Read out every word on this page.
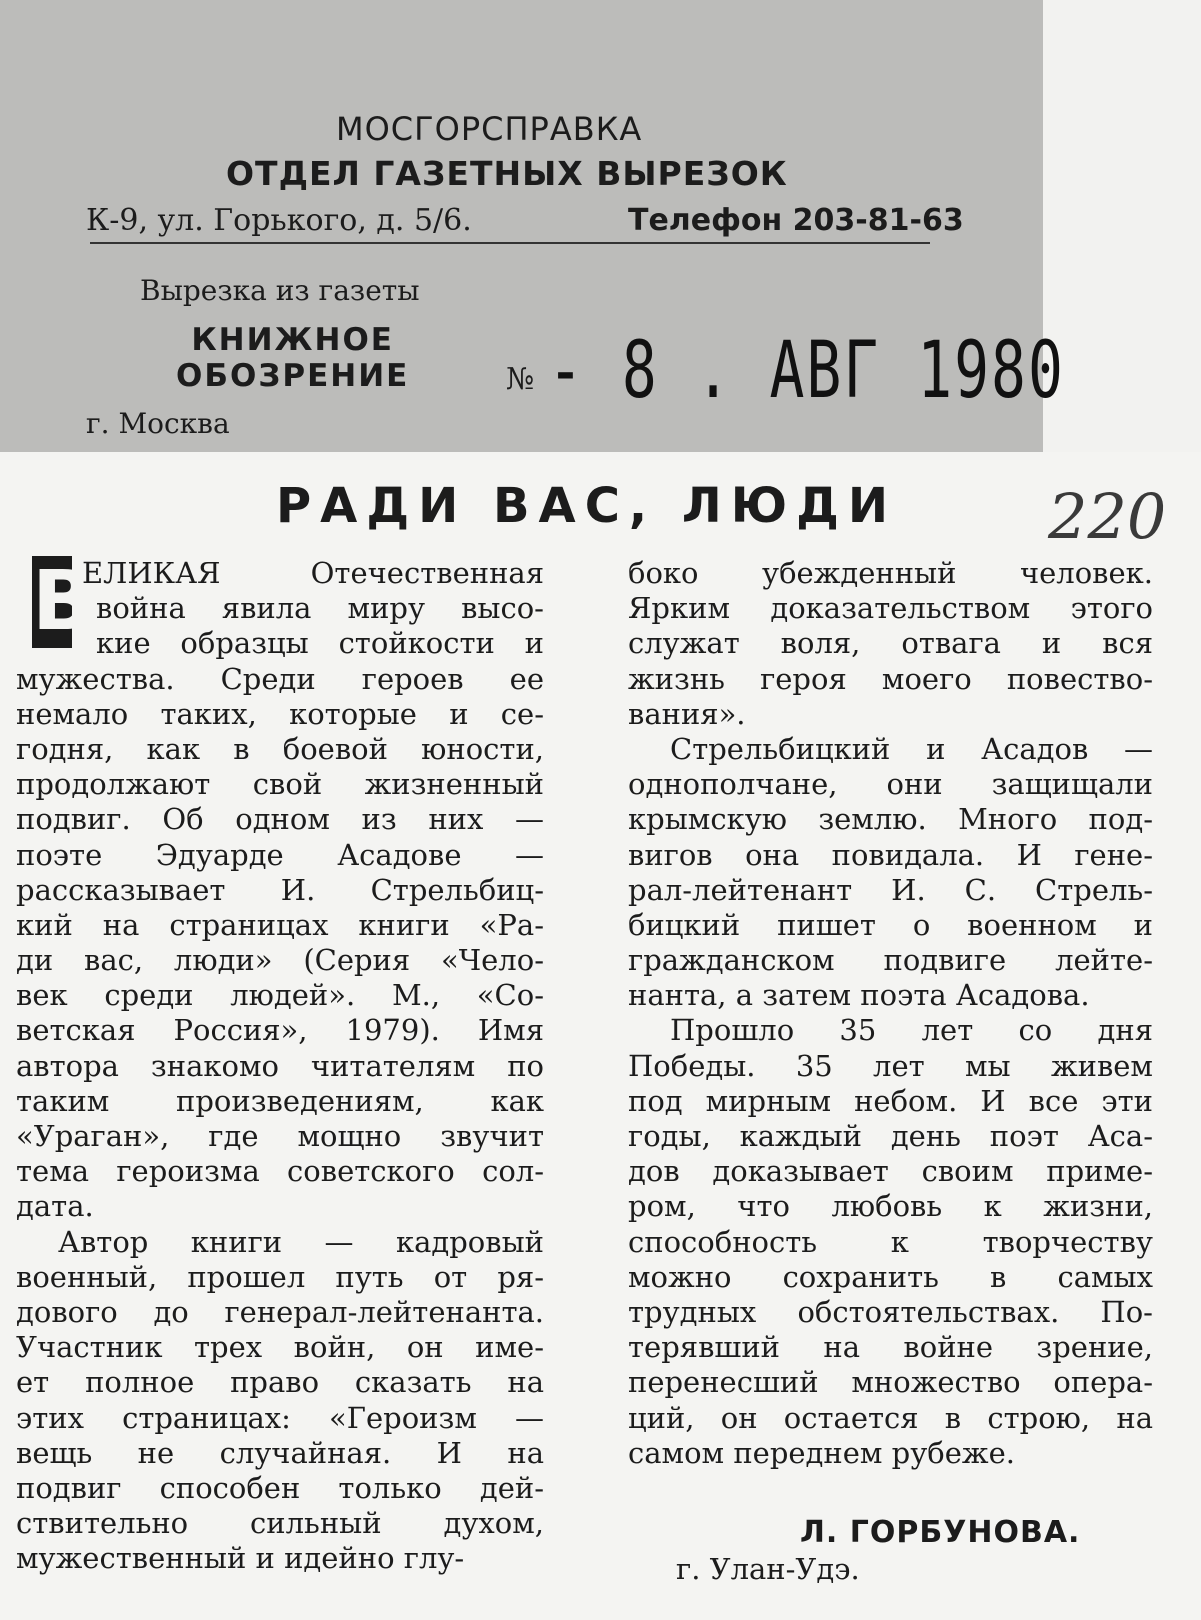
МОСГОРСПРАВКА
ОТДЕЛ ГАЗЕТНЫХ ВЫРЕЗОК
К-9, ул. Горького, д. 5/6.	Телефон 203-81-63
Вырезка из газеты
КНИЖНОЕ
ОБОЗРЕНИЕ	№ - 8 . АВГ 1980
г. Москва
РАДИ ВАС, ЛЮДИ 220
В
ЕЛИКАЯ Отечественная
война явила миру высо-
кие образцы стойкости и
мужества. Среди героев ее
немало таких, которые и се-
годня, как в боевой юности,
продолжают свой жизненный
подвиг. Об одном из них —
поэте Эдуарде Асадове —
рассказывает И. Стрельбиц-
кий на страницах книги «Ра-
ди вас, люди» (Серия «Чело-
век среди людей». М., «Со-
ветская Россия», 1979). Имя
автора знакомо читателям по
таким произведениям, как
«Ураган», где мощно звучит
тема героизма советского сол-
дата.
Автор книги — кадровый
военный, прошел путь от ря-
дового до генерал-лейтенанта.
Участник трех войн, он име-
ет полное право сказать на
этих страницах: «Героизм —
вещь не случайная. И на
подвиг способен только дей-
ствительно сильный духом,
мужественный и идейно глу-
боко убежденный человек.
Ярким доказательством этого
служат воля, отвага и вся
жизнь героя моего повество-
вания».
Стрельбицкий и Асадов —
однополчане, они защищали
крымскую землю. Много под-
вигов она повидала. И гене-
рал-лейтенант И. С. Стрель-
бицкий пишет о военном и
гражданском подвиге лейте-
нанта, а затем поэта Асадова.
Прошло 35 лет со дня
Победы. 35 лет мы живем
под мирным небом. И все эти
годы, каждый день поэт Аса-
дов доказывает своим приме-
ром, что любовь к жизни,
способность к творчеству
можно сохранить в самых
трудных обстоятельствах. По-
терявший на войне зрение,
перенесший множество опера-
ций, он остается в строю, на
самом переднем рубеже.
Л. ГОРБУНОВА.
г. Улан-Удэ.
